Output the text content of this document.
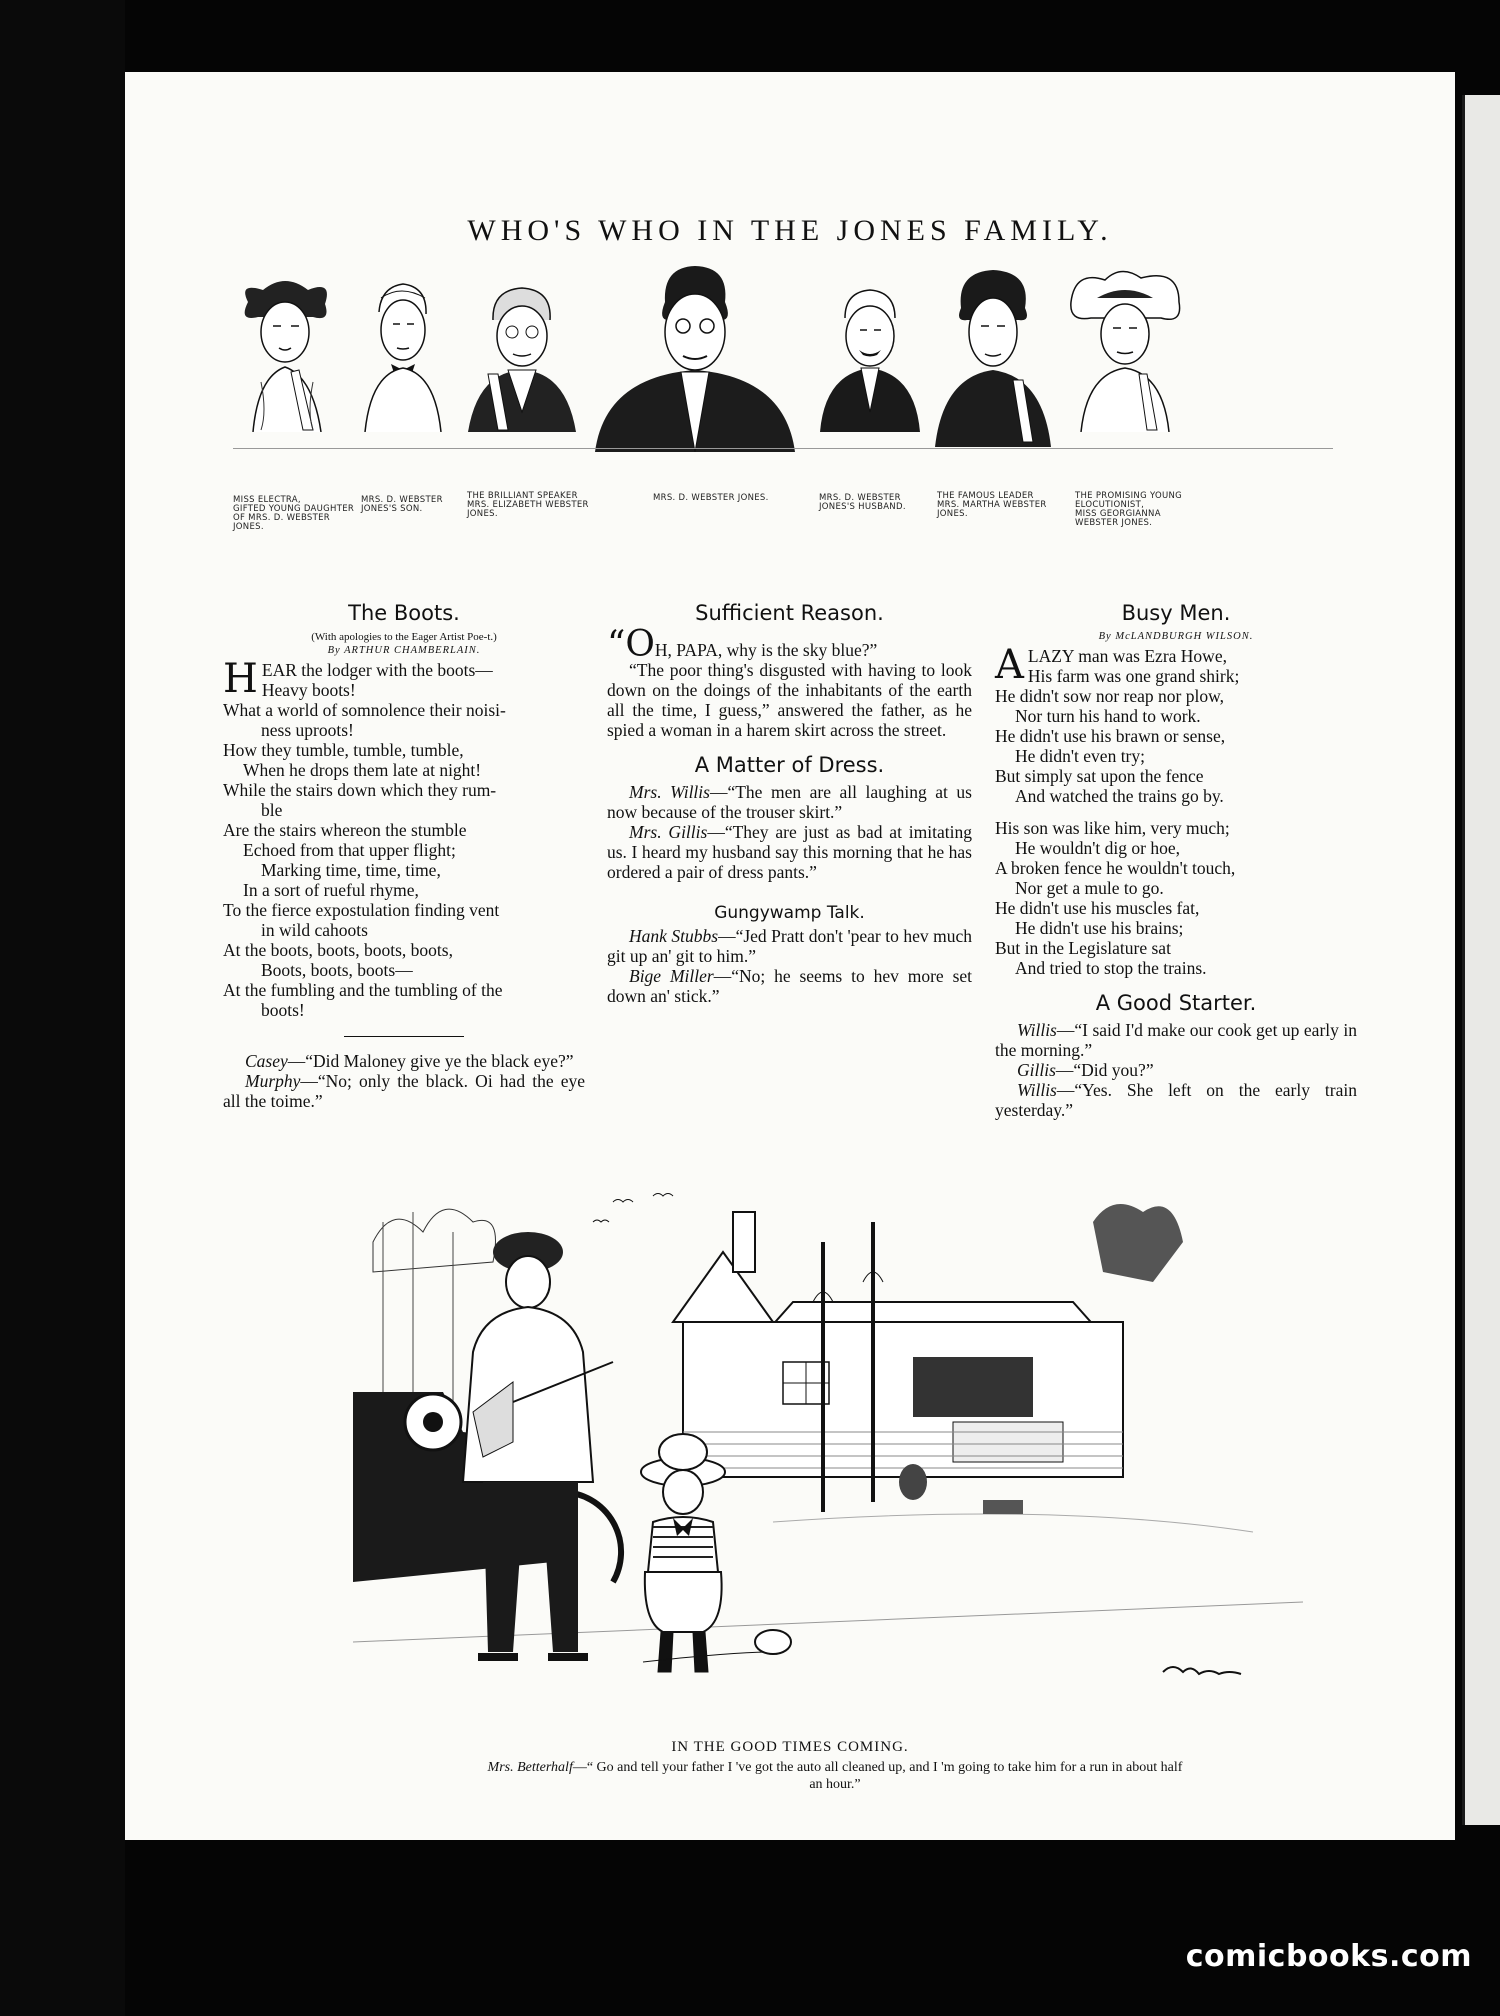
WHO'S WHO IN THE JONES FAMILY.
MISS ELECTRA,
GIFTED YOUNG DAUGHTER
OF MRS. D. WEBSTER
JONES.
MRS. D. WEBSTER
JONES'S SON.
THE BRILLIANT SPEAKER
MRS. ELIZABETH WEBSTER
JONES.
MRS. D. WEBSTER JONES.	MRS. D. WEBSTER
JONES'S HUSBAND.
THE FAMOUS LEADER
MRS. MARTHA WEBSTER
JONES.
THE PROMISING YOUNG
ELOCUTIONIST,
MISS GEORGIANNA
WEBSTER JONES.
The Boots.
(With apologies to the Eager Artist Poe-t.)
By ARTHUR CHAMBERLAIN.
H EAR the lodger with the boots—

Heavy boots!

What a world of somnolence their noisi-

ness uproots!

How they tumble, tumble, tumble,

When he drops them late at night!

While the stairs down which they rum-

ble

Are the stairs whereon the stumble

Echoed from that upper flight;

Marking time, time, time,

In a sort of rueful rhyme,

To the fierce expostulation finding vent

in wild cahoots

At the boots, boots, boots, boots,

Boots, boots, boots—

At the fumbling and the tumbling of the

boots!

Casey—“Did Maloney give ye the black eye?”

Murphy—“No; only the black. Oi had the eye all the toime.”

Sufficient Reason.

“OH, PAPA, why is the sky blue?”

“The poor thing's disgusted with having to look down on the doings of the inhabitants of the earth all the time, I guess,” answered the father, as he spied a woman in a harem skirt across the street.

A Matter of Dress.

Mrs. Willis—“The men are all laughing at us now because of the trouser skirt.”

Mrs. Gillis—“They are just as bad at imitating us. I heard my husband say this morning that he has ordered a pair of dress pants.”

Gungywamp Talk.

Hank Stubbs—“Jed Pratt don't 'pear to hev much git up an' git to him.”

Bige Miller—“No; he seems to hev more set down an' stick.”

Busy Men.
By McLANDBURGH WILSON.
A LAZY man was Ezra Howe,

His farm was one grand shirk;

He didn't sow nor reap nor plow,

Nor turn his hand to work.

He didn't use his brawn or sense,

He didn't even try;

But simply sat upon the fence

And watched the trains go by.

His son was like him, very much;

He wouldn't dig or hoe,

A broken fence he wouldn't touch,

Nor get a mule to go.

He didn't use his muscles fat,

He didn't use his brains;

But in the Legislature sat

And tried to stop the trains.

A Good Starter.

Willis—“I said I'd make our cook get up early in the morning.”

Gillis—“Did you?”

Willis—“Yes. She left on the early train yesterday.”

IN THE GOOD TIMES COMING.
Mrs. Betterhalf—“ Go and tell your father I 've got the auto all cleaned up, and I 'm going to take him for a run in about half an hour.”
comicbooks.com
